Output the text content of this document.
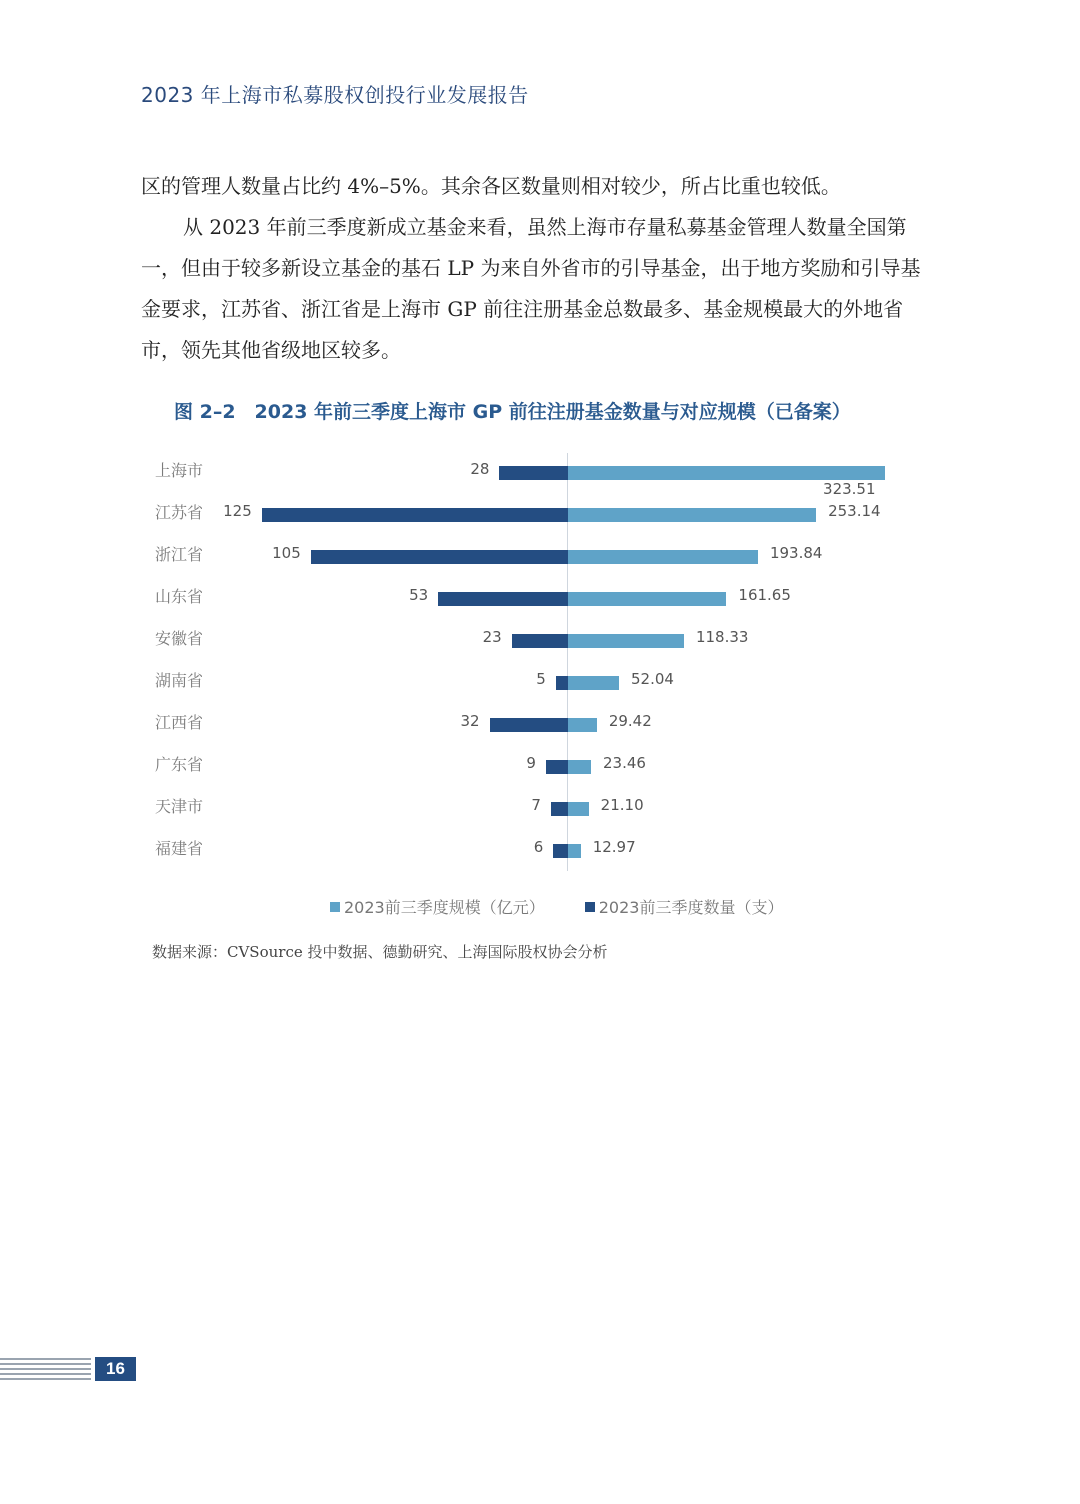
2023 年上海市私募股权创投行业发展报告

区的管理人数量占比约 4%–5%。其余各区数量则相对较少，所占比重也较低。

从 2023 年前三季度新成立基金来看，虽然上海市存量私募基金管理人数量全国第一，但由于较多新设立基金的基石 LP 为来自外省市的引导基金，出于地方奖励和引导基金要求，江苏省、浙江省是上海市 GP 前往注册基金总数最多、基金规模最大的外地省市，领先其他省级地区较多。

图 2–2　2023 年前三季度上海市 GP 前往注册基金数量与对应规模（已备案）
上海市	28
323.51
江苏省 125	253.14
浙江省	105	193.84
山东省	53	161.65
安徽省	23	118.33
湖南省	5	52.04
江西省	32	29.42
广东省	9	23.46
天津市	7	21.10
福建省	6	12.97
2023前三季度规模（亿元）	2023前三季度数量（支）
数据来源：CVSource 投中数据、德勤研究、上海国际股权协会分析
16
